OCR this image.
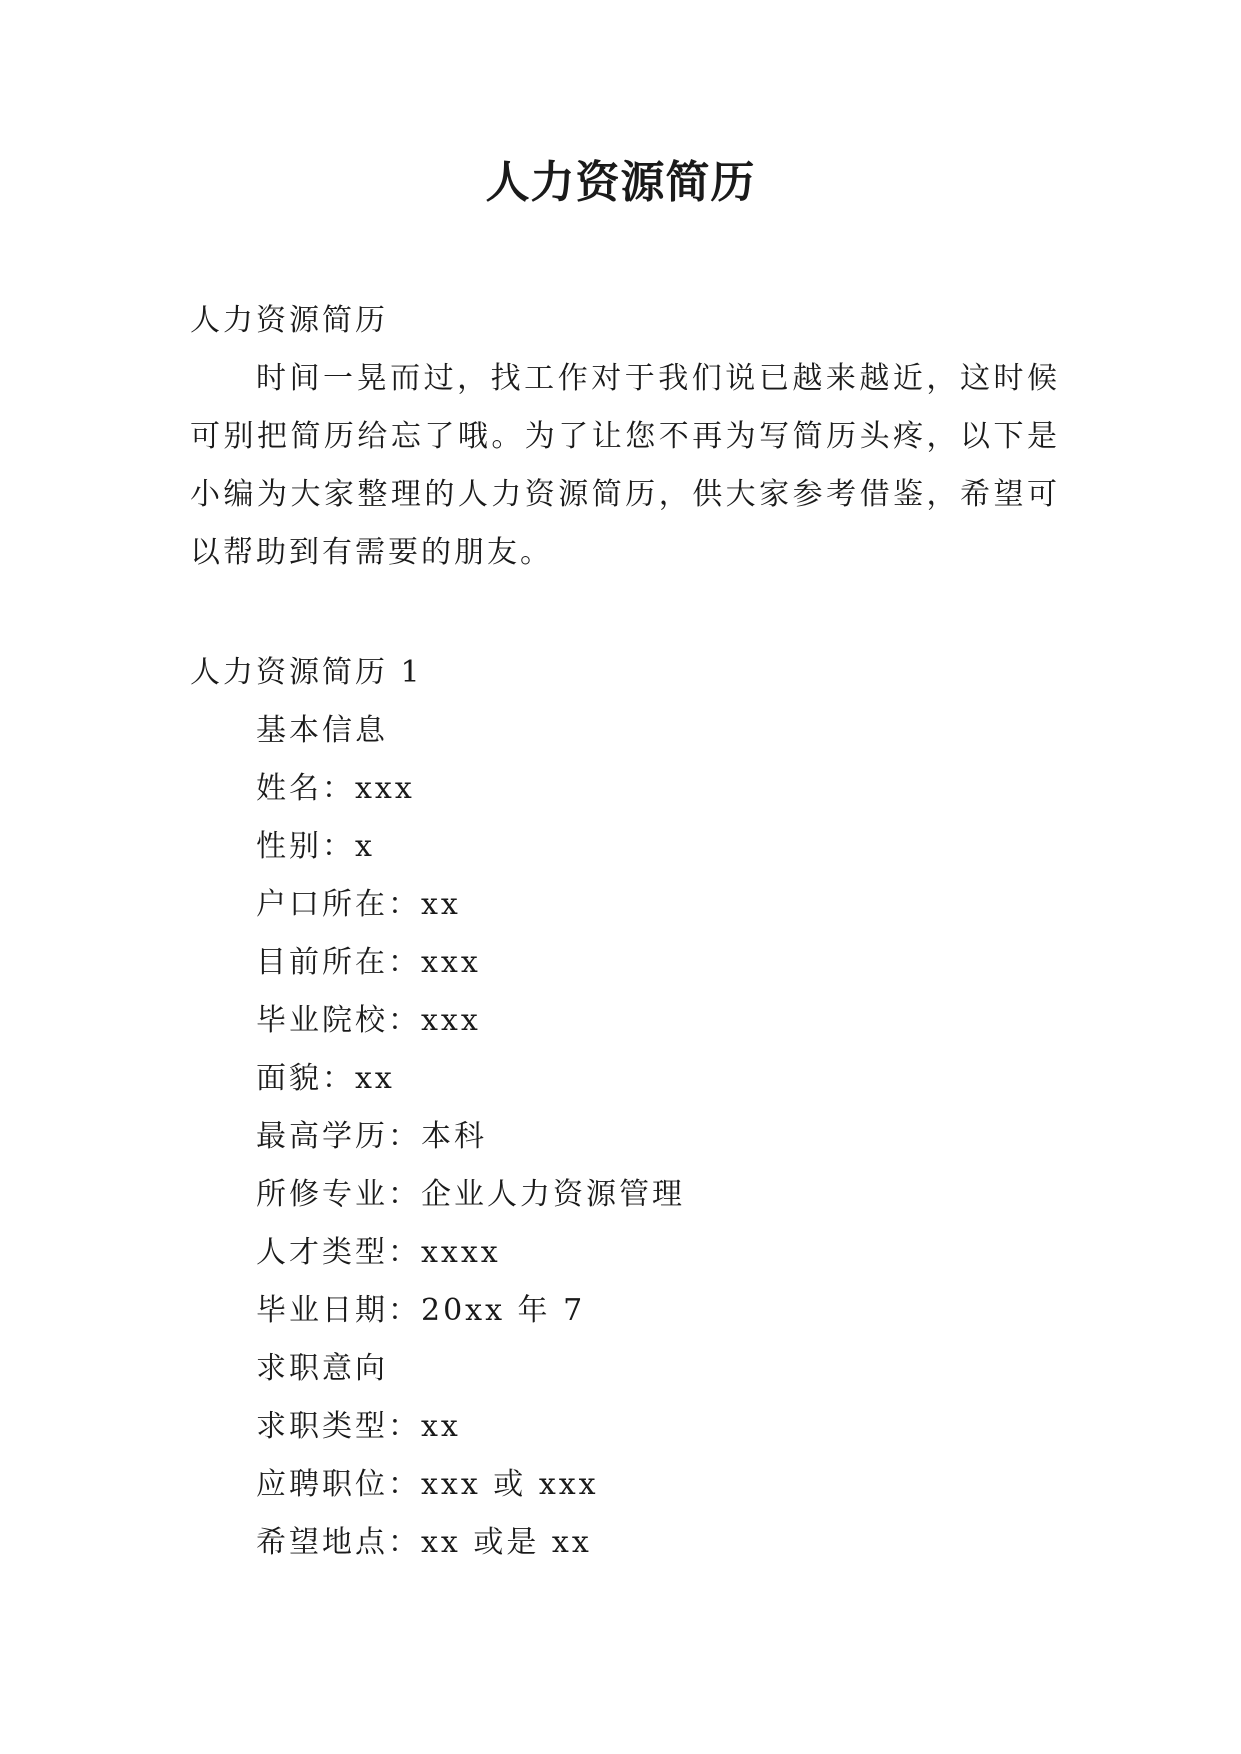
人力资源简历
人力资源简历

时间一晃而过，找工作对于我们说已越来越近，这时候可别把简历给忘了哦。为了让您不再为写简历头疼，以下是小编为大家整理的人力资源简历，供大家参考借鉴，希望可以帮助到有需要的朋友。

人力资源简历 1
基本信息
姓名：xxx
性别：x
户口所在：xx
目前所在：xxx
毕业院校：xxx
面貌：xx
最高学历：本科
所修专业：企业人力资源管理
人才类型：xxxx
毕业日期：20xx 年 7
求职意向
求职类型：xx
应聘职位：xxx 或 xxx
希望地点：xx 或是 xx
